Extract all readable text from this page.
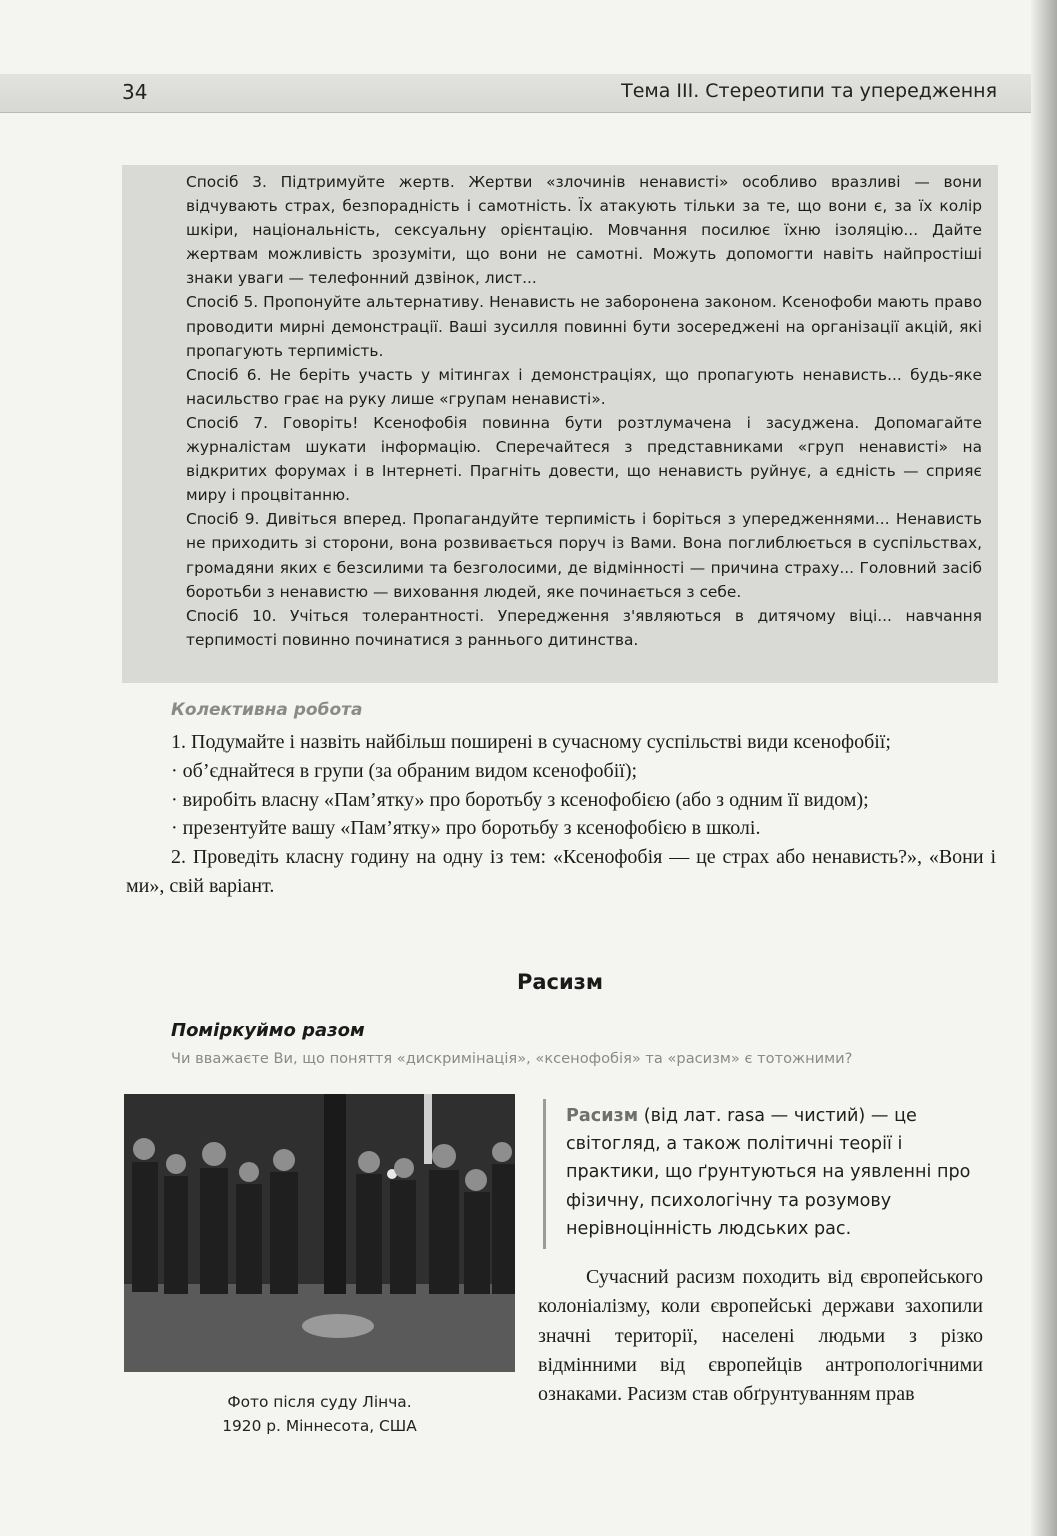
34	Тема ІІІ. Стереотипи та упередження

Спосіб 3. Підтримуйте жертв. Жертви «злочинів ненависті» особливо вразливі — вони відчувають страх, безпорадність і самотність. Їх атакують тільки за те, що вони є, за їх колір шкіри, національність, сексуальну орієнтацію. Мовчання посилює їхню ізоляцію... Дайте жертвам можливість зрозуміти, що вони не самотні. Можуть допомогти навіть найпростіші знаки уваги — телефонний дзвінок, лист...

Спосіб 5. Пропонуйте альтернативу. Ненависть не заборонена законом. Ксенофоби мають право проводити мирні демонстрації. Ваші зусилля повинні бути зосереджені на організації акцій, які пропагують терпимість.

Спосіб 6. Не беріть участь у мітингах і демонстраціях, що пропагують ненависть... будь-яке насильство грає на руку лише «групам ненависті».

Спосіб 7. Говоріть! Ксенофобія повинна бути розтлумачена і засуджена. Допомагайте журналістам шукати інформацію. Сперечайтеся з представниками «груп ненависті» на відкритих форумах і в Інтернеті. Прагніть довести, що ненависть руйнує, а єдність — сприяє миру і процвітанню.

Спосіб 9. Дивіться вперед. Пропагандуйте терпимість і боріться з упередженнями... Ненависть не приходить зі сторони, вона розвивається поруч із Вами. Вона поглиблюється в суспільствах, громадяни яких є безсилими та безголосими, де відмінності — причина страху... Головний засіб боротьби з ненавистю — виховання людей, яке починається з себе.

Спосіб 10. Учіться толерантності. Упередження з'являються в дитячому віці... навчання терпимості повинно починатися з раннього дитинства.

Колективна робота

1. Подумайте і назвіть найбільш поширені в сучасному суспільстві види ксенофобії;

· об’єднайтеся в групи (за обраним видом ксенофобії);

· виробіть власну «Пам’ятку» про боротьбу з ксенофобією (або з одним її видом);

· презентуйте вашу «Пам’ятку» про боротьбу з ксенофобією в школі.

2. Проведіть класну годину на одну із тем: «Ксенофобія — це страх або ненависть?», «Вони і ми», свій варіант.

Расизм
Поміркуймо разом
Чи вважаєте Ви, що поняття «дискримінація», «ксенофобія» та «расизм» є тотожними?
Фото після суду Лінча.
1920 р. Міннесота, США
Расизм (від лат. rasa — чистий) — це світогляд, а також політичні теорії і практики, що ґрунтуються на уявленні про фізичну, психологічну та розумову нерівноцінність людських рас.

Сучасний расизм походить від європейського колоніалізму, коли європейські держави захопили значні території, населені людьми з різко відмінними від європейців антропологічними ознаками. Расизм став обґрунтуванням прав
